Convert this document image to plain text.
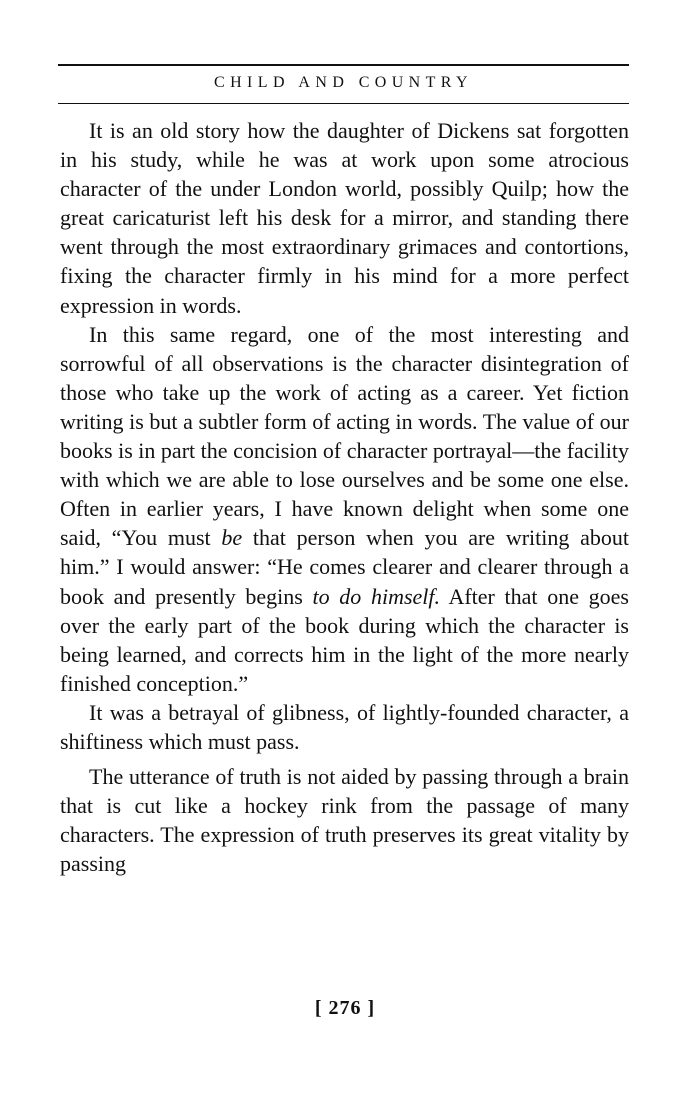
CHILD AND COUNTRY

It is an old story how the daughter of Dickens sat forgotten in his study, while he was at work upon some atrocious character of the under London world, possibly Quilp; how the great caricaturist left his desk for a mirror, and standing there went through the most extraordinary grimaces and contortions, fixing the character firmly in his mind for a more perfect expression in words.

In this same regard, one of the most interesting and sorrowful of all observations is the character disintegration of those who take up the work of acting as a career. Yet fiction writing is but a subtler form of acting in words. The value of our books is in part the concision of character portrayal—the facility with which we are able to lose ourselves and be some one else. Often in earlier years, I have known delight when some one said, “You must be that person when you are writing about him.” I would answer: “He comes clearer and clearer through a book and presently begins to do himself. After that one goes over the early part of the book during which the character is being learned, and corrects him in the light of the more nearly finished conception.”

It was a betrayal of glibness, of lightly-founded character, a shiftiness which must pass.

The utterance of truth is not aided by passing through a brain that is cut like a hockey rink from the passage of many characters. The expression of truth preserves its great vitality by passing

[ 276 ]
